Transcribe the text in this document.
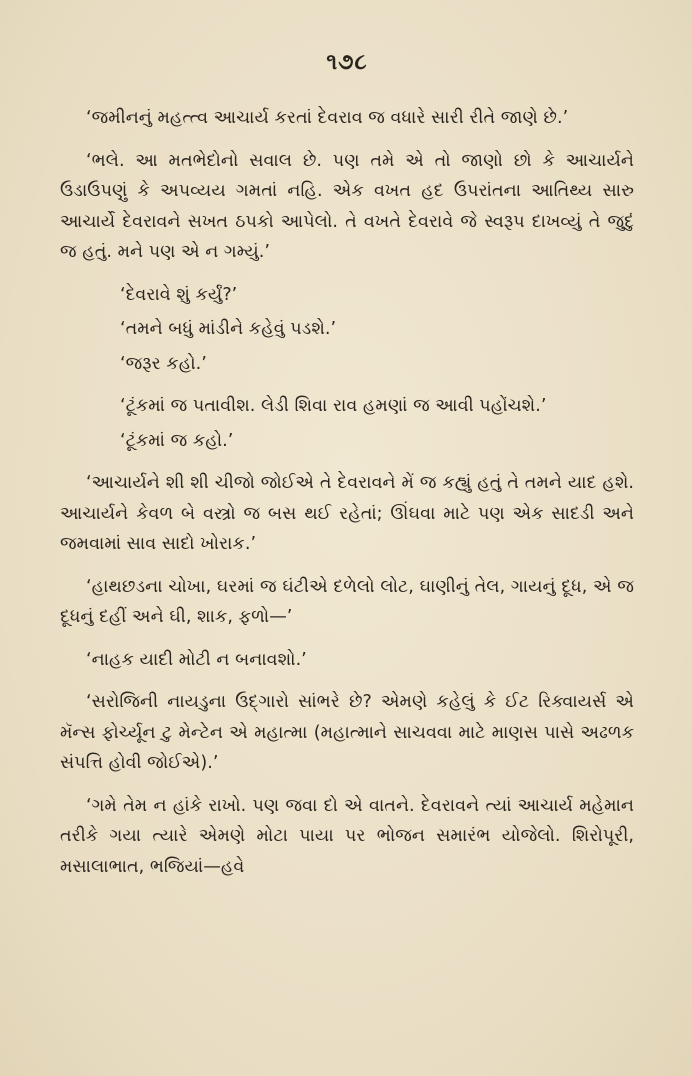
૧૭૮

‘જમીનનું મહત્ત્વ આચાર્ય કરતાં દેવરાવ જ વધારે સારી રીતે જાણે છે.’

‘ભલે. આ મતભેદોનો સવાલ છે. પણ તમે એ તો જાણો છો કે આચાર્યને ઉડાઉપણું કે અપવ્યય ગમતાં નહિ. એક વખત હદ ઉપરાંતના આતિથ્ય સારુ આચાર્યે દેવરાવને સખત ઠપકો આપેલો. તે વખતે દેવરાવે જે સ્વરૂપ દાખવ્યું તે જુદું જ હતું. મને પણ એ ન ગમ્યું.’

‘દેવરાવે શું કર્યું?’

‘તમને બધું માંડીને કહેવું પડશે.’

‘જરૂર કહો.’

‘ટૂંકમાં જ પતાવીશ. લેડી શિવા રાવ હમણાં જ આવી પહોંચશે.’

‘ટૂંકમાં જ કહો.’

‘આચાર્યને શી શી ચીજો જોઈએ તે દેવરાવને મેં જ કહ્યું હતું તે તમને યાદ હશે. આચાર્યને કેવળ બે વસ્ત્રો જ બસ થઈ રહેતાં; ઊંઘવા માટે પણ એક સાદડી અને જમવામાં સાવ સાદો ખોરાક.’

‘હાથછડના ચોખા, ઘરમાં જ ઘંટીએ દળેલો લોટ, ઘાણીનું તેલ, ગાયનું દૂધ, એ જ દૂધનું દહીં અને ઘી, શાક, ફળો—’

‘નાહક યાદી મોટી ન બનાવશો.’

‘સરોજિની નાયડુના ઉદ્ગારો સાંભરે છે? એમણે કહેલું કે ઈટ રિક્વાયર્સ એ મૅન્સ ફોર્ચ્યૂન ટુ મેન્ટેન એ મહાત્મા (મહાત્માને સાચવવા માટે માણસ પાસે અઢળક સંપત્તિ હોવી જોઈએ).’

‘ગમે તેમ ન હાંકે રાખો. પણ જવા દો એ વાતને. દેવરાવને ત્યાં આચાર્ય મહેમાન તરીકે ગયા ત્યારે એમણે મોટા પાયા પર ભોજન સમારંભ યોજેલો. શિરોપૂરી, મસાલાભાત, ભજિયાં—હવે
